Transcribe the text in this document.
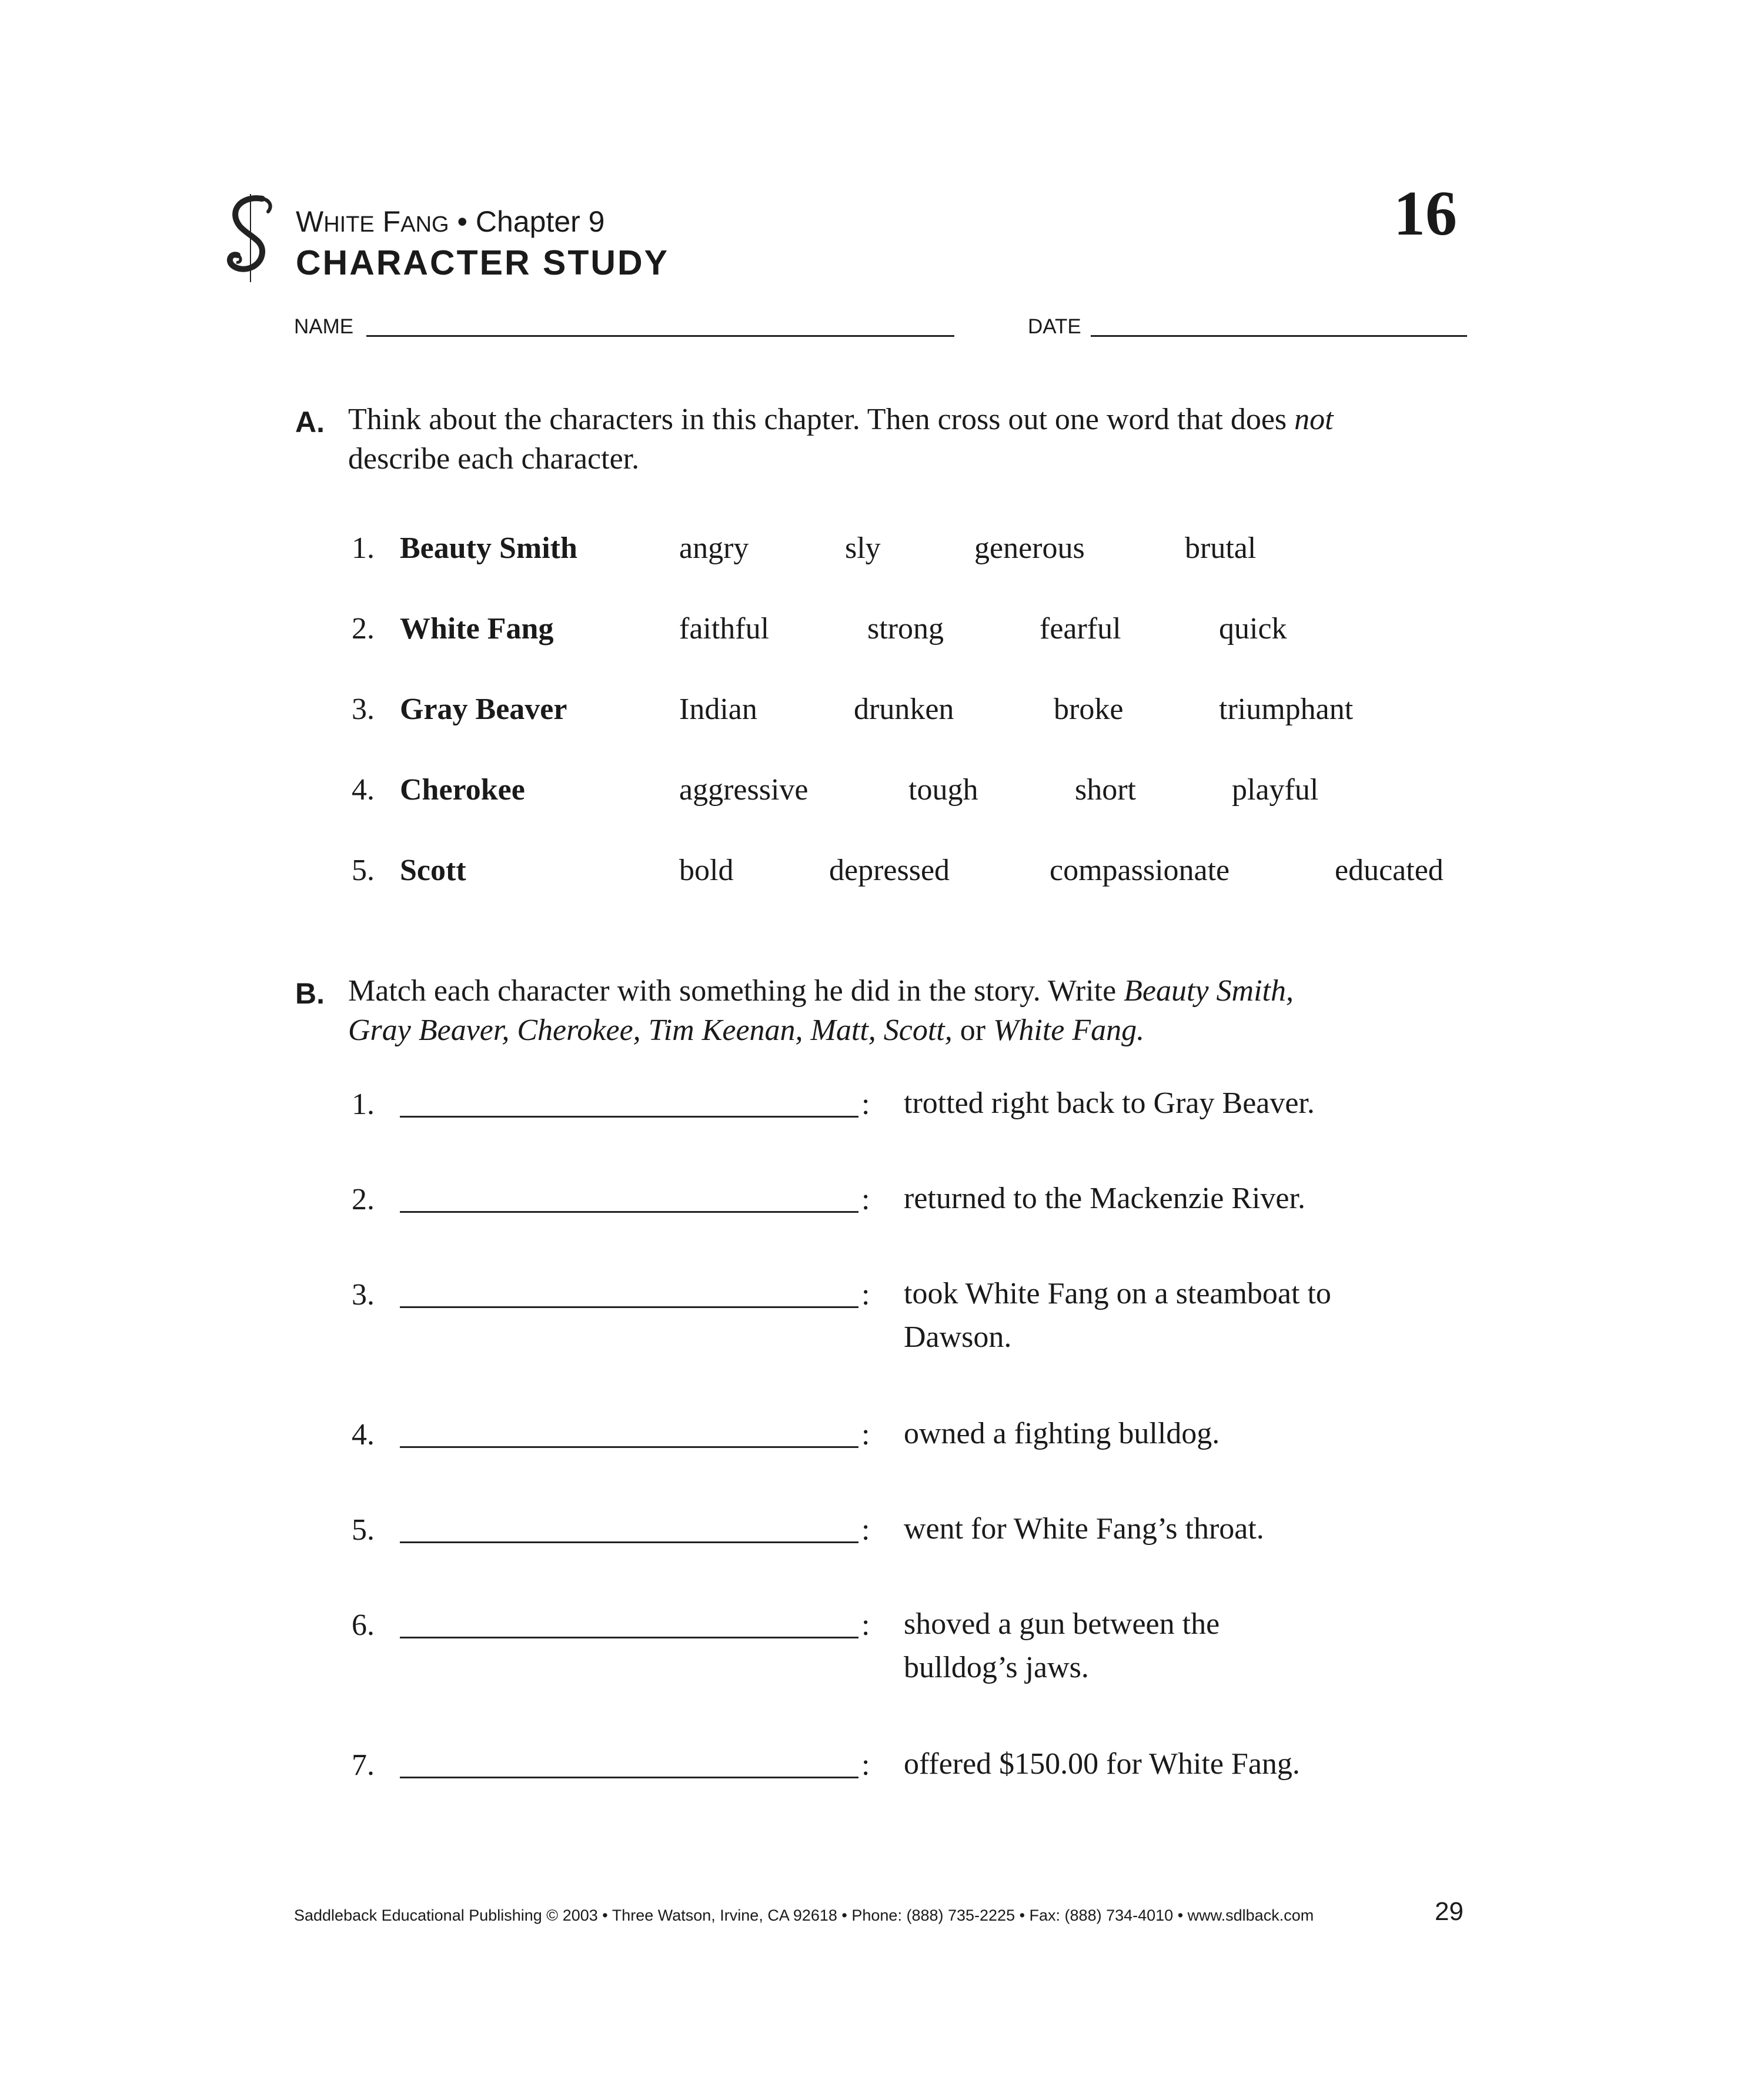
WHITE FANG • Chapter 9
CHARACTER STUDY
16
NAME	DATE
A. Think about the characters in this chapter. Then cross out one word that does not
describe each character.
1. Beauty Smith	angry	sly	generous	brutal
2. White Fang	faithful	strong	fearful	quick
3. Gray Beaver	Indian	drunken	broke	triumphant
4. Cherokee	aggressive	tough	short	playful
5. Scott	bold	depressed	compassionate	educated
B. Match each character with something he did in the story. Write Beauty Smith,
Gray Beaver, Cherokee, Tim Keenan, Matt, Scott, or White Fang.
1.	: trotted right back to Gray Beaver.
2.	: returned to the Mackenzie River.
3.	: took White Fang on a steamboat to
Dawson.
4.	: owned a fighting bulldog.
5.	: went for White Fang’s throat.
6.	: shoved a gun between the
bulldog’s jaws.
7.	: offered $150.00 for White Fang.
Saddleback Educational Publishing © 2003 • Three Watson, Irvine, CA 92618 • Phone: (888) 735-2225 • Fax: (888) 734-4010 • www.sdlback.com	29
